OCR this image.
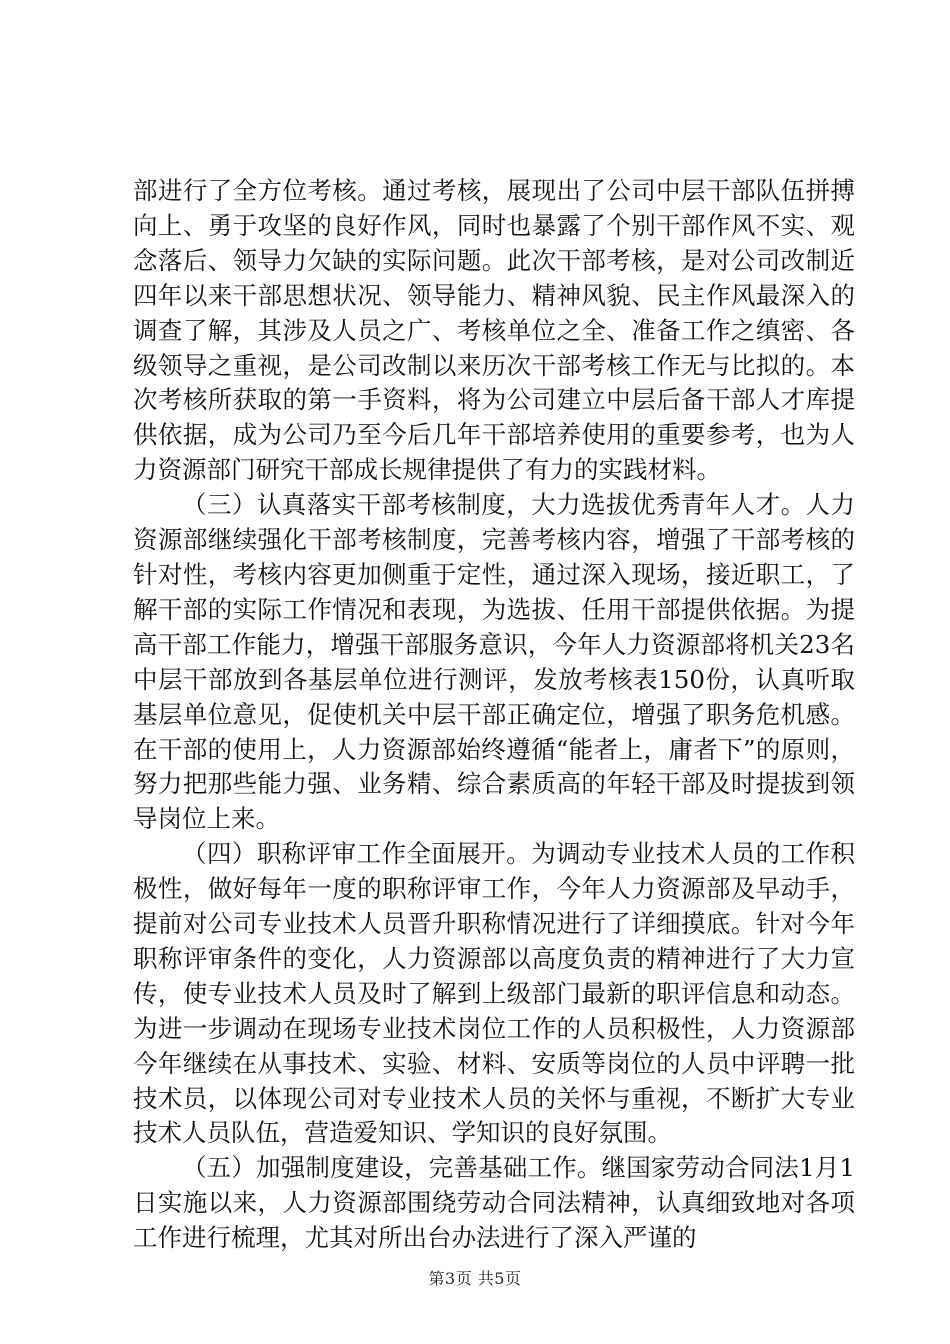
部进行了全方位考核。通过考核，展现出了公司中层干部队伍拼搏向上、勇于攻坚的良好作风，同时也暴露了个别干部作风不实、观念落后、领导力欠缺的实际问题。此次干部考核，是对公司改制近四年以来干部思想状况、领导能力、精神风貌、民主作风最深入的调查了解，其涉及人员之广、考核单位之全、准备工作之缜密、各级领导之重视，是公司改制以来历次干部考核工作无与比拟的。本次考核所获取的第一手资料，将为公司建立中层后备干部人才库提供依据，成为公司乃至今后几年干部培养使用的重要参考，也为人力资源部门研究干部成长规律提供了有力的实践材料。

（三）认真落实干部考核制度，大力选拔优秀青年人才。人力资源部继续强化干部考核制度，完善考核内容，增强了干部考核的针对性，考核内容更加侧重于定性，通过深入现场，接近职工，了解干部的实际工作情况和表现，为选拔、任用干部提供依据。为提高干部工作能力，增强干部服务意识，今年人力资源部将机关23名中层干部放到各基层单位进行测评，发放考核表150份，认真听取基层单位意见，促使机关中层干部正确定位，增强了职务危机感。在干部的使用上，人力资源部始终遵循“能者上，庸者下”的原则，努力把那些能力强、业务精、综合素质高的年轻干部及时提拔到领导岗位上来。

（四）职称评审工作全面展开。为调动专业技术人员的工作积极性，做好每年一度的职称评审工作，今年人力资源部及早动手，提前对公司专业技术人员晋升职称情况进行了详细摸底。针对今年职称评审条件的变化，人力资源部以高度负责的精神进行了大力宣传，使专业技术人员及时了解到上级部门最新的职评信息和动态。为进一步调动在现场专业技术岗位工作的人员积极性，人力资源部今年继续在从事技术、实验、材料、安质等岗位的人员中评聘一批技术员，以体现公司对专业技术人员的关怀与重视，不断扩大专业技术人员队伍，营造爱知识、学知识的良好氛围。

（五）加强制度建设，完善基础工作。继国家劳动合同法1月1日实施以来，人力资源部围绕劳动合同法精神，认真细致地对各项工作进行梳理，尤其对所出台办法进行了深入严谨的

第3页 共5页
